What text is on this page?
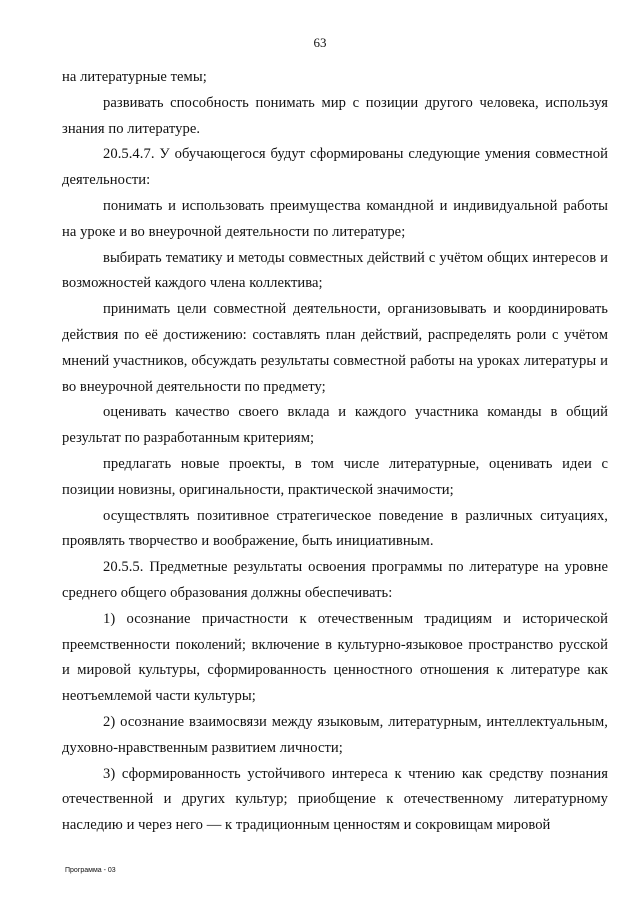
63

на литературные темы;

развивать способность понимать мир с позиции другого человека, используя знания по литературе.

20.5.4.7. У обучающегося будут сформированы следующие умения совместной деятельности:

понимать и использовать преимущества командной и индивидуальной работы на уроке и во внеурочной деятельности по литературе;

выбирать тематику и методы совместных действий с учётом общих интересов и возможностей каждого члена коллектива;

принимать цели совместной деятельности, организовывать и координировать действия по её достижению: составлять план действий, распределять роли с учётом мнений участников, обсуждать результаты совместной работы на уроках литературы и во внеурочной деятельности по предмету;

оценивать качество своего вклада и каждого участника команды в общий результат по разработанным критериям;

предлагать новые проекты, в том числе литературные, оценивать идеи с позиции новизны, оригинальности, практической значимости;

осуществлять позитивное стратегическое поведение в различных ситуациях, проявлять творчество и воображение, быть инициативным.

20.5.5. Предметные результаты освоения программы по литературе на уровне среднего общего образования должны обеспечивать:

1) осознание причастности к отечественным традициям и исторической преемственности поколений; включение в культурно-языковое пространство русской и мировой культуры, сформированность ценностного отношения к литературе как неотъемлемой части культуры;

2) осознание взаимосвязи между языковым, литературным, интеллектуальным, духовно-нравственным развитием личности;

3) сформированность устойчивого интереса к чтению как средству познания отечественной и других культур; приобщение к отечественному литературному наследию и через него — к традиционным ценностям и сокровищам мировой

Программа - 03
